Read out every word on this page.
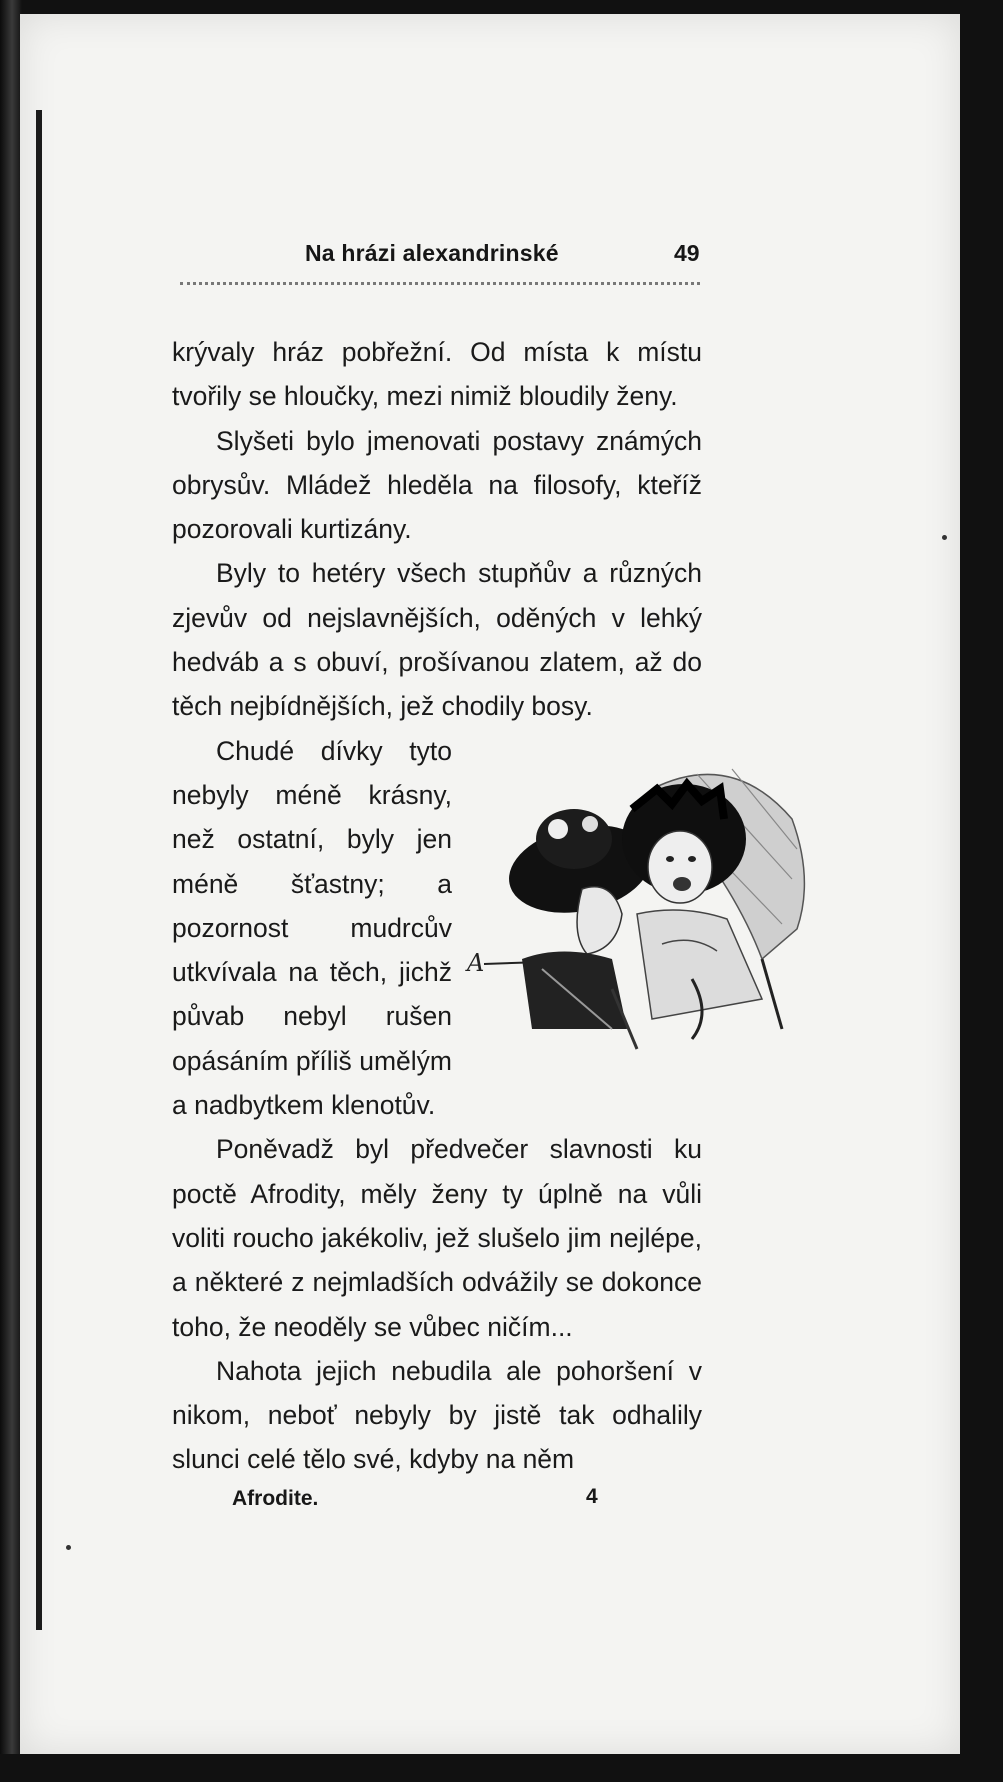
Na hrázi alexandrinské	49

krývaly hráz pobřežní. Od místa k místu tvořily se hloučky, mezi nimiž bloudily ženy.

Slyšeti bylo jmenovati postavy známých obrysův. Mládež hleděla na filosofy, kteříž pozorovali kurtizány.

Byly to hetéry všech stupňův a různých zjevův od nejslavnějších, oděných v lehký hedváb a s obuví, prošívanou zlatem, až do těch nejbídnějších, jež chodily bosy.

A

Chudé dívky tyto nebyly méně krásny, než ostatní, byly jen méně šťastny; a pozornost mudrcův utkvívala na těch, jichž půvab nebyl rušen opásáním příliš umělým a nadbytkem klenotův.

Poněvadž byl předvečer slavnosti ku poctě Afrodity, měly ženy ty úplně na vůli voliti roucho jakékoliv, jež slušelo jim nejlépe, a některé z nejmladších odvážily se dokonce toho, že neoděly se vůbec ničím...

Nahota jejich nebudila ale pohoršení v nikom, neboť nebyly by jistě tak odhalily slunci celé tělo své, kdyby na něm

Afrodite.	4
